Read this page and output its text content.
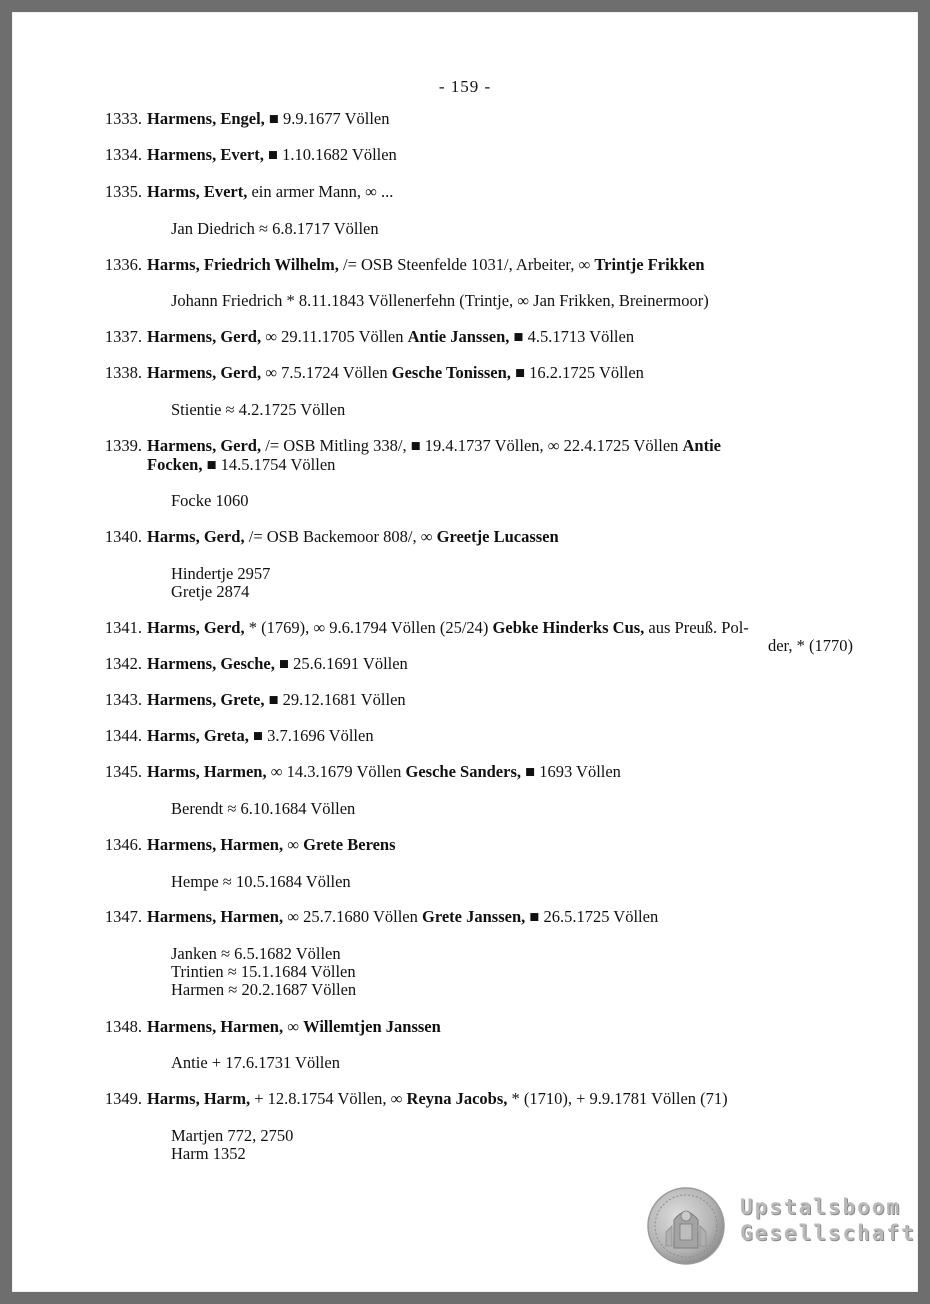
- 159 -
1333. Harmens, Engel, ■ 9.9.1677 Völlen
1334. Harmens, Evert, ■ 1.10.1682 Völlen
1335. Harms, Evert, ein armer Mann, ∞ ...
Jan Diedrich ≈ 6.8.1717 Völlen
1336. Harms, Friedrich Wilhelm, /= OSB Steenfelde 1031/, Arbeiter, ∞ Trintje Frikken
Johann Friedrich * 8.11.1843 Völlenerfehn (Trintje, ∞ Jan Frikken, Breinermoor)
1337. Harmens, Gerd, ∞ 29.11.1705 Völlen Antie Janssen, ■ 4.5.1713 Völlen
1338. Harmens, Gerd, ∞ 7.5.1724 Völlen Gesche Tonissen, ■ 16.2.1725 Völlen
Stientie ≈ 4.2.1725 Völlen
1339. Harmens, Gerd, /= OSB Mitling 338/, ■ 19.4.1737 Völlen, ∞ 22.4.1725 Völlen Antie
Focken, ■ 14.5.1754 Völlen
Focke 1060
1340. Harms, Gerd, /= OSB Backemoor 808/, ∞ Greetje Lucassen
Hindertje 2957
Gretje 2874
1341. Harms, Gerd, * (1769), ∞ 9.6.1794 Völlen (25/24) Gebke Hinderks Cus, aus Preuß. Pol-
der, * (1770)
1342. Harmens, Gesche, ■ 25.6.1691 Völlen
1343. Harmens, Grete, ■ 29.12.1681 Völlen
1344. Harms, Greta, ■ 3.7.1696 Völlen
1345. Harms, Harmen, ∞ 14.3.1679 Völlen Gesche Sanders, ■ 1693 Völlen
Berendt ≈ 6.10.1684 Völlen
1346. Harmens, Harmen, ∞ Grete Berens
Hempe ≈ 10.5.1684 Völlen
1347. Harmens, Harmen, ∞ 25.7.1680 Völlen Grete Janssen, ■ 26.5.1725 Völlen
Janken ≈ 6.5.1682 Völlen
Trintien ≈ 15.1.1684 Völlen
Harmen ≈ 20.2.1687 Völlen
1348. Harmens, Harmen, ∞ Willemtjen Janssen
Antie + 17.6.1731 Völlen
1349. Harms, Harm, + 12.8.1754 Völlen, ∞ Reyna Jacobs, * (1710), + 9.9.1781 Völlen (71)
Martjen 772, 2750
Harm 1352
Upstalsboom
Gesellschaft
